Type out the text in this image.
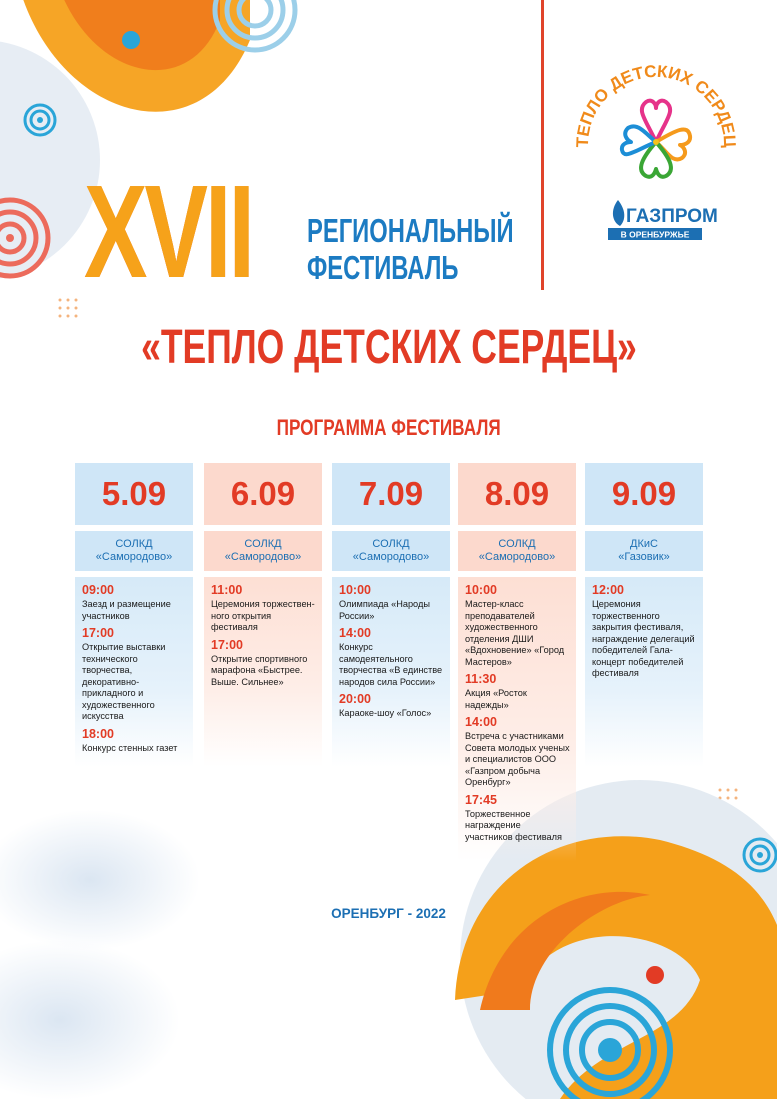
XVII РЕГИОНАЛЬНЫЙ
ФЕСТИВАЛЬ
ТЕПЛО ДЕТСКИХ СЕРДЕЦ
ГАЗПРОМ
В ОРЕНБУРЖЬЕ
«ТЕПЛО ДЕТСКИХ СЕРДЕЦ»
ПРОГРАММА ФЕСТИВАЛЯ
5.09
СОЛКД
«Самородово»
09:00
Заезд и размещение участников
17:00
Открытие выставки технического творчества, декоративно-прикладного и художественного искусства
18:00
Конкурс стенных газет
6.09
СОЛКД
«Самородово»
11:00
Церемония торжествен-ного открытия фестиваля
17:00
Открытие спортивного марафона «Быстрее. Выше. Сильнее»
7.09
СОЛКД
«Самородово»
10:00
Олимпиада «Народы России»
14:00
Конкурс самодеятельного творчества «В единстве народов сила России»
20:00
Караоке-шоу «Голос»
8.09
СОЛКД
«Самородово»
10:00
Мастер-класс преподавателей художественного отделения ДШИ «Вдохновение» «Город Мастеров»
11:30
Акция «Росток надежды»
14:00
Встреча с участниками Совета молодых ученых и специалистов ООО «Газпром добыча Оренбург»
17:45
Торжественное награждение участников фестиваля
9.09
ДКиС
«Газовик»
12:00
Церемония торжественного закрытия фестиваля, награждение делегаций победителей Гала-концерт победителей фестиваля
ОРЕНБУРГ - 2022
